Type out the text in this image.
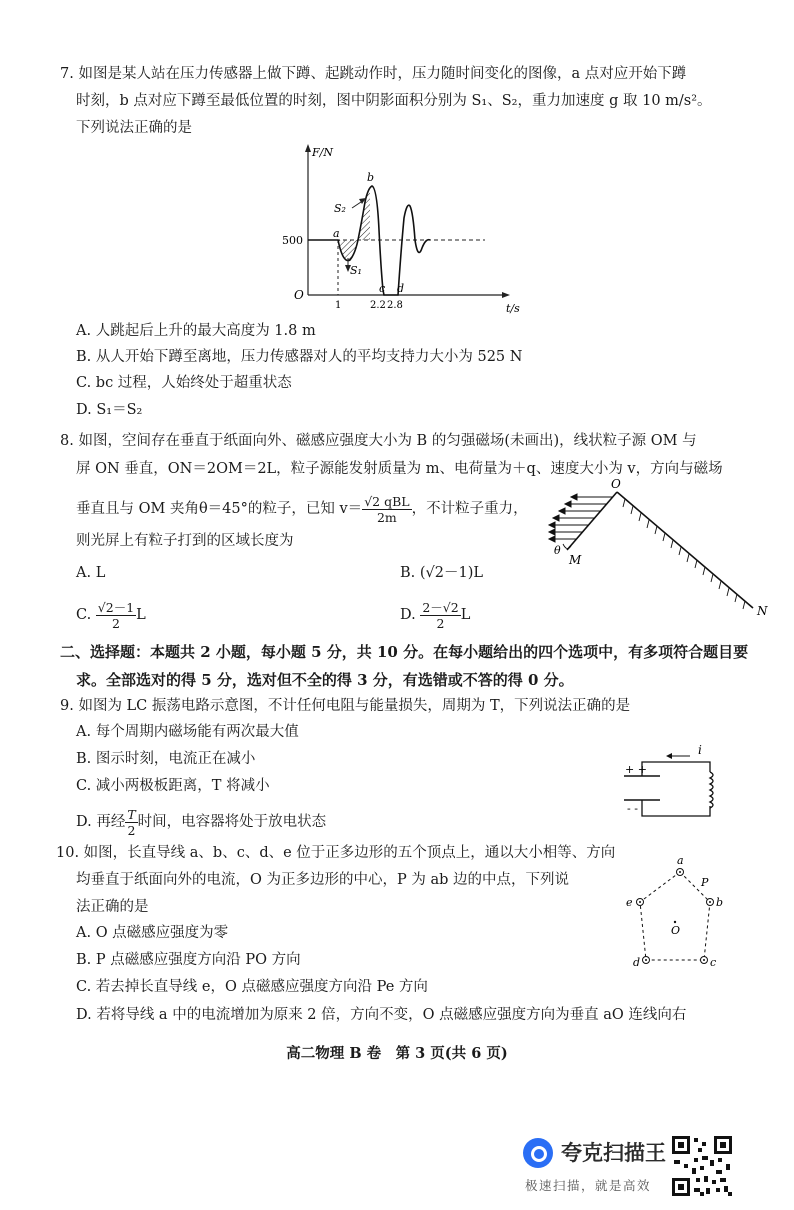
7. 如图是某人站在压力传感器上做下蹲、起跳动作时，压力随时间变化的图像，a 点对应开始下蹲
时刻，b 点对应下蹲至最低位置的时刻，图中阴影面积分别为 S₁、S₂，重力加速度 g 取 10 m/s²。
下列说法正确的是
F/N
t/s
O
500
1	2.2 2.8
a
b
c d
S₂
S₁
A. 人跳起后上升的最大高度为 1.8 m
B. 从人开始下蹲至离地，压力传感器对人的平均支持力大小为 525 N
C. bc 过程，人始终处于超重状态
D. S₁＝S₂
8. 如图，空间存在垂直于纸面向外、磁感应强度大小为 B 的匀强磁场(未画出)，线状粒子源 OM 与
屏 ON 垂直，ON＝2OM＝2L，粒子源能发射质量为 m、电荷量为＋q、速度大小为 v，方向与磁场
垂直且与 OM 夹角θ＝45°的粒子，已知 $v= \frac{\text{√2 qBL}}{2m}$ ，不计粒子重力，
则光屏上有粒子打到的区域长度为
A. L	B. (√2－1)L
C. $\frac{√2-1}{2}$ L	D. $\frac{2-√2}{2}$ L
O
M
θ
N
二、选择题：本题共 2 小题，每小题 5 分，共 10 分。在每小题给出的四个选项中，有多项符合题目要
求。全部选对的得 5 分，选对但不全的得 3 分，有选错或不答的得 0 分。
9. 如图为 LC 振荡电路示意图，不计任何电阻与能量损失，周期为 T，下列说法正确的是
A. 每个周期内磁场能有两次最大值
B. 图示时刻，电流正在减小
C. 减小两极板距离，T 将减小
D. 再经 $\frac{T}{2}$ 时间，电容器将处于放电状态
i
+ +
- -
10. 如图，长直导线 a、b、c、d、e 位于正多边形的五个顶点上，通以大小相等、方向
均垂直于纸面向外的电流，O 为正多边形的中心，P 为 ab 边的中点，下列说
法正确的是
A. O 点磁感应强度为零
B. P 点磁感应强度方向沿 PO 方向
C. 若去掉长直导线 e，O 点磁感应强度方向沿 Pe 方向
D. 若将导线 a 中的电流增加为原来 2 倍，方向不变，O 点磁感应强度方向为垂直 aO 连线向右
a
b
c
d
e
P
O
高二物理 B 卷　第 3 页(共 6 页)
夸克扫描王
极速扫描，就是高效
